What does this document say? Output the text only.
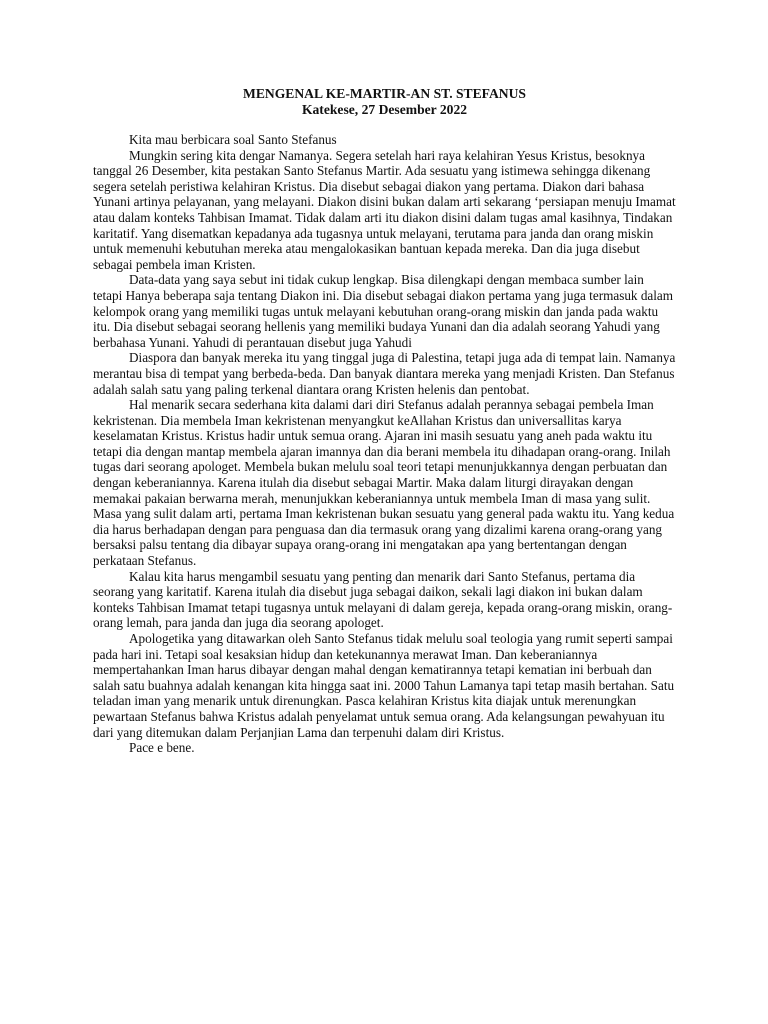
MENGENAL KE-MARTIR-AN ST. STEFANUS

Katekese, 27 Desember 2022

Kita mau berbicara soal Santo Stefanus

Mungkin sering kita dengar Namanya. Segera setelah hari raya kelahiran Yesus Kristus, besoknya tanggal 26 Desember, kita pestakan Santo Stefanus Martir. Ada sesuatu yang istimewa sehingga dikenang segera setelah peristiwa kelahiran Kristus. Dia disebut sebagai diakon yang pertama. Diakon dari bahasa Yunani artinya pelayanan, yang melayani. Diakon disini bukan dalam arti sekarang ‘persiapan menuju Imamat atau dalam konteks Tahbisan Imamat. Tidak dalam arti itu diakon disini dalam tugas amal kasihnya, Tindakan karitatif. Yang disematkan kepadanya ada tugasnya untuk melayani, terutama para janda dan orang miskin untuk memenuhi kebutuhan mereka atau mengalokasikan bantuan kepada mereka. Dan dia juga disebut sebagai pembela iman Kristen.

Data-data yang saya sebut ini tidak cukup lengkap. Bisa dilengkapi dengan membaca sumber lain tetapi Hanya beberapa saja tentang Diakon ini. Dia disebut sebagai diakon pertama yang juga termasuk dalam kelompok orang yang memiliki tugas untuk melayani kebutuhan orang-orang miskin dan janda pada waktu itu. Dia disebut sebagai seorang hellenis yang memiliki budaya Yunani dan dia adalah seorang Yahudi yang berbahasa Yunani. Yahudi di perantauan disebut juga Yahudi

Diaspora dan banyak mereka itu yang tinggal juga di Palestina, tetapi juga ada di tempat lain. Namanya merantau bisa di tempat yang berbeda-beda. Dan banyak diantara mereka yang menjadi Kristen. Dan Stefanus adalah salah satu yang paling terkenal diantara orang Kristen helenis dan pentobat.

Hal menarik secara sederhana kita dalami dari diri Stefanus adalah perannya sebagai pembela Iman kekristenan. Dia membela Iman kekristenan menyangkut keAllahan Kristus dan universallitas karya keselamatan Kristus. Kristus hadir untuk semua orang. Ajaran ini masih sesuatu yang aneh pada waktu itu tetapi dia dengan mantap membela ajaran imannya dan dia berani membela itu dihadapan orang-orang. Inilah tugas dari seorang apologet. Membela bukan melulu soal teori tetapi menunjukkannya dengan perbuatan dan dengan keberaniannya. Karena itulah dia disebut sebagai Martir. Maka dalam liturgi dirayakan dengan memakai pakaian berwarna merah, menunjukkan keberaniannya untuk membela Iman di masa yang sulit. Masa yang sulit dalam arti, pertama Iman kekristenan bukan sesuatu yang general pada waktu itu. Yang kedua dia harus berhadapan dengan para penguasa dan dia termasuk orang yang dizalimi karena orang-orang yang bersaksi palsu tentang dia dibayar supaya orang-orang ini mengatakan apa yang bertentangan dengan perkataan Stefanus.

Kalau kita harus mengambil sesuatu yang penting dan menarik dari Santo Stefanus, pertama dia seorang yang karitatif. Karena itulah dia disebut juga sebagai daikon, sekali lagi diakon ini bukan dalam konteks Tahbisan Imamat tetapi tugasnya untuk melayani di dalam gereja, kepada orang-orang miskin, orang-orang lemah, para janda dan juga dia seorang apologet.

Apologetika yang ditawarkan oleh Santo Stefanus tidak melulu soal teologia yang rumit seperti sampai pada hari ini. Tetapi soal kesaksian hidup dan ketekunannya merawat Iman. Dan keberaniannya mempertahankan Iman harus dibayar dengan mahal dengan kematirannya tetapi kematian ini berbuah dan salah satu buahnya adalah kenangan kita hingga saat ini. 2000 Tahun Lamanya tapi tetap masih bertahan. Satu teladan iman yang menarik untuk direnungkan. Pasca kelahiran Kristus kita diajak untuk merenungkan pewartaan Stefanus bahwa Kristus adalah penyelamat untuk semua orang. Ada kelangsungan pewahyuan itu dari yang ditemukan dalam Perjanjian Lama dan terpenuhi dalam diri Kristus.

Pace e bene.
